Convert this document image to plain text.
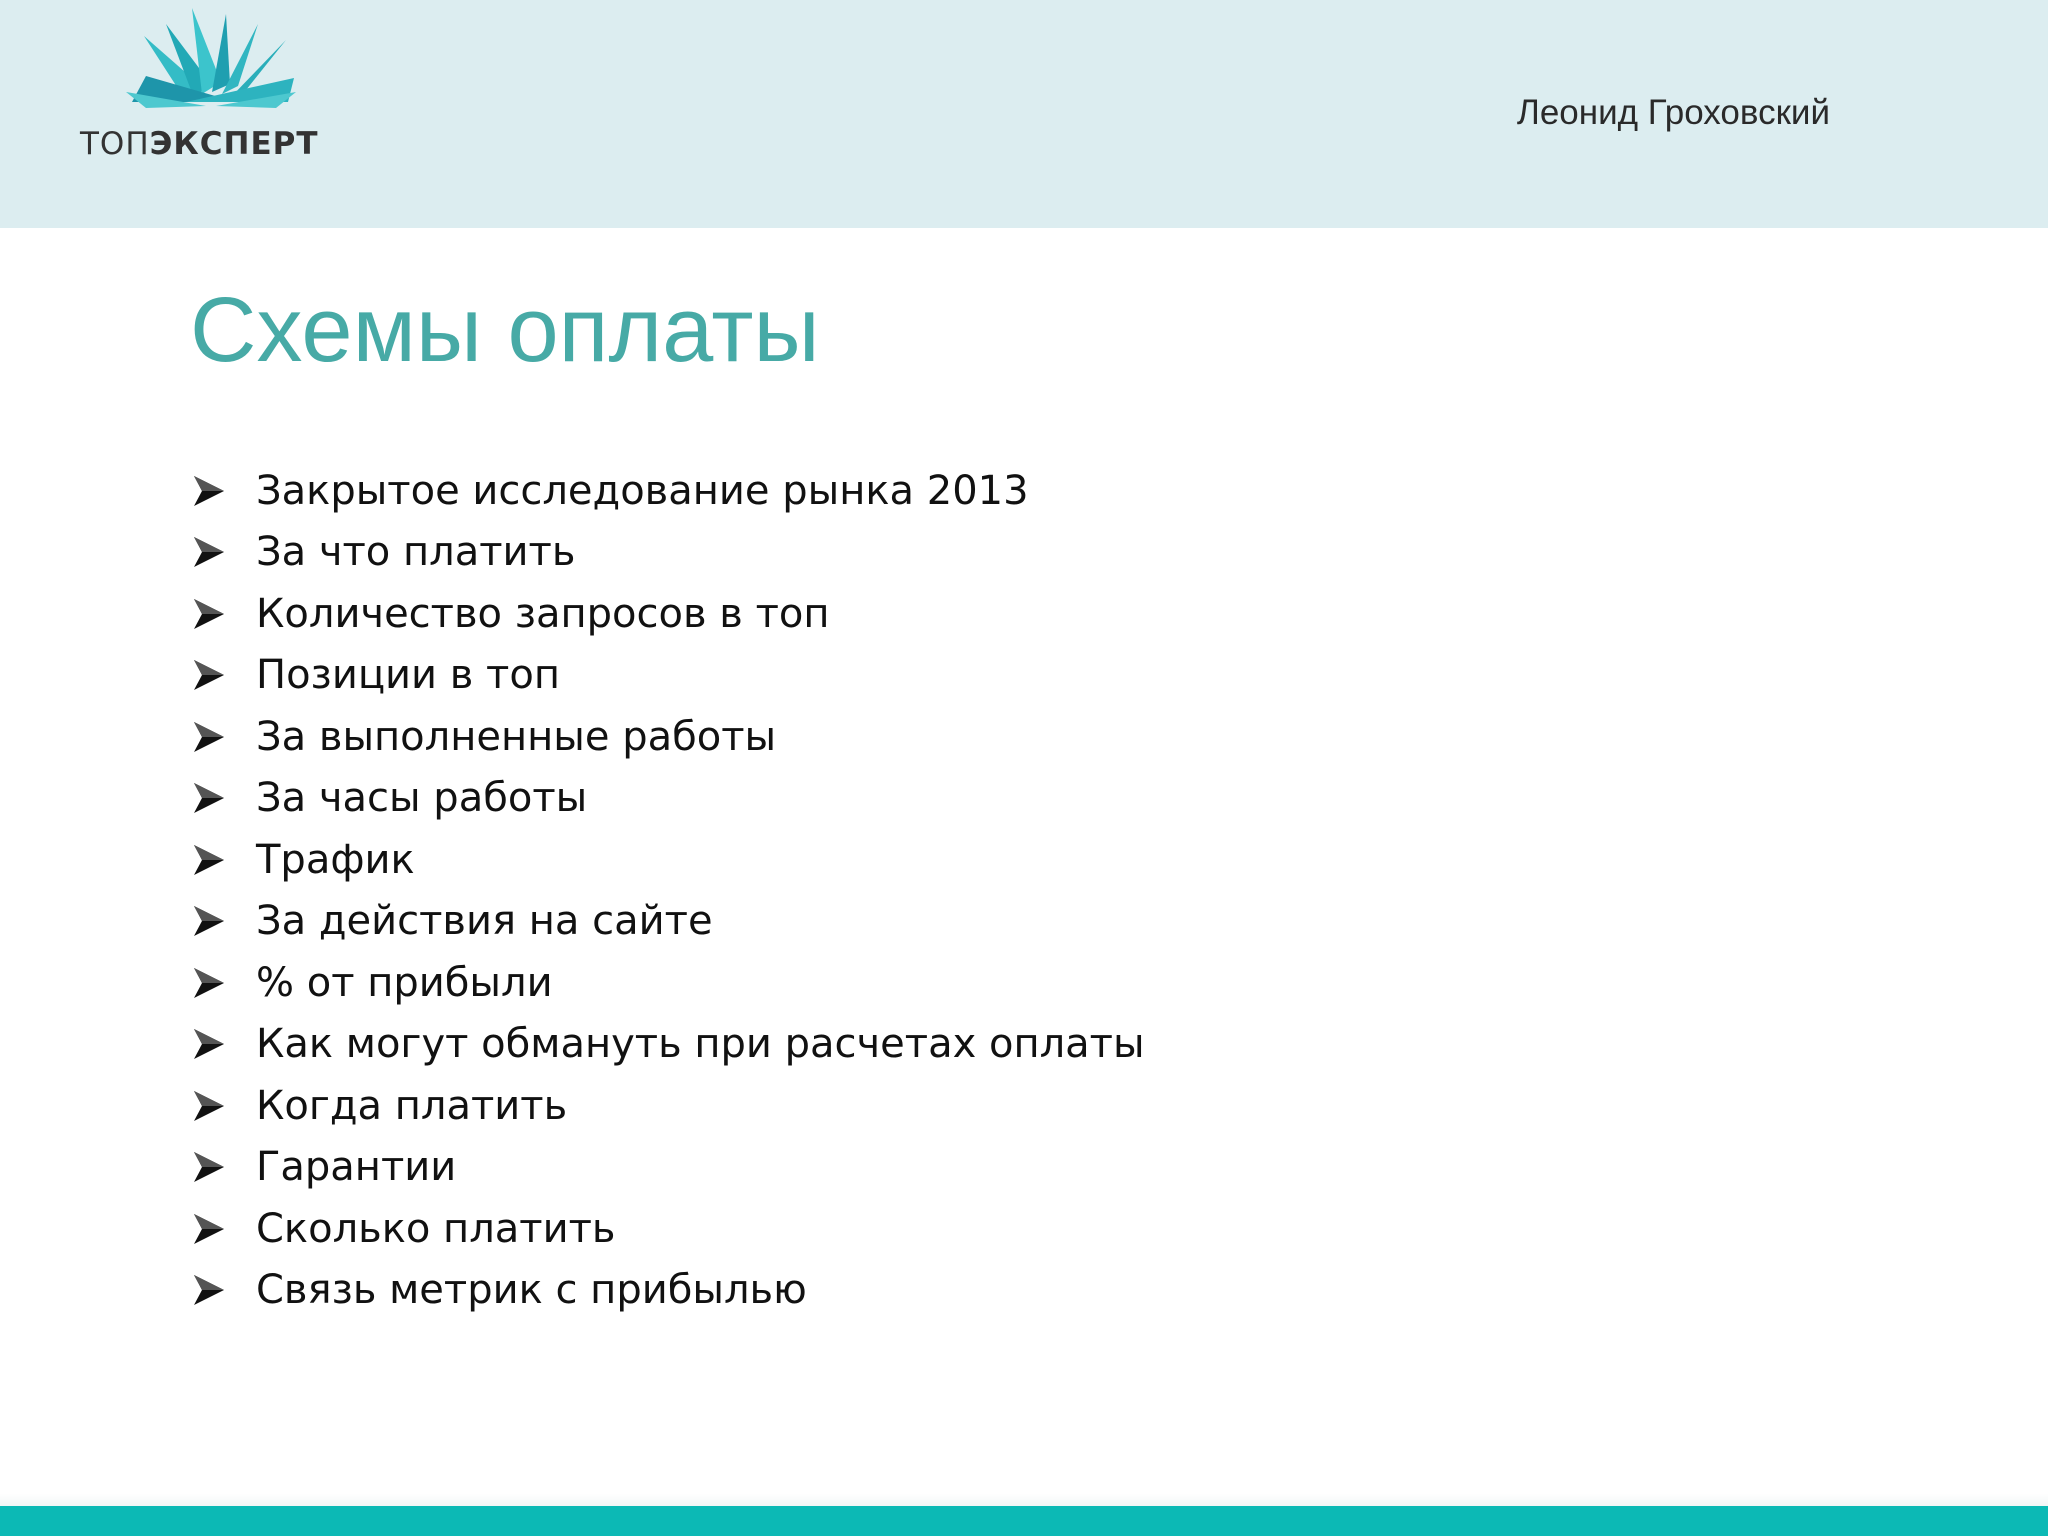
ТОПЭКСПЕРТ
Леонид Гроховский
Схемы оплаты
Закрытое исследование рынка 2013
За что платить
Количество запросов в топ
Позиции в топ
За выполненные работы
За часы работы
Трафик
За действия на сайте
% от прибыли
Как могут обмануть при расчетах оплаты
Когда платить
Гарантии
Сколько платить
Связь метрик с прибылью
